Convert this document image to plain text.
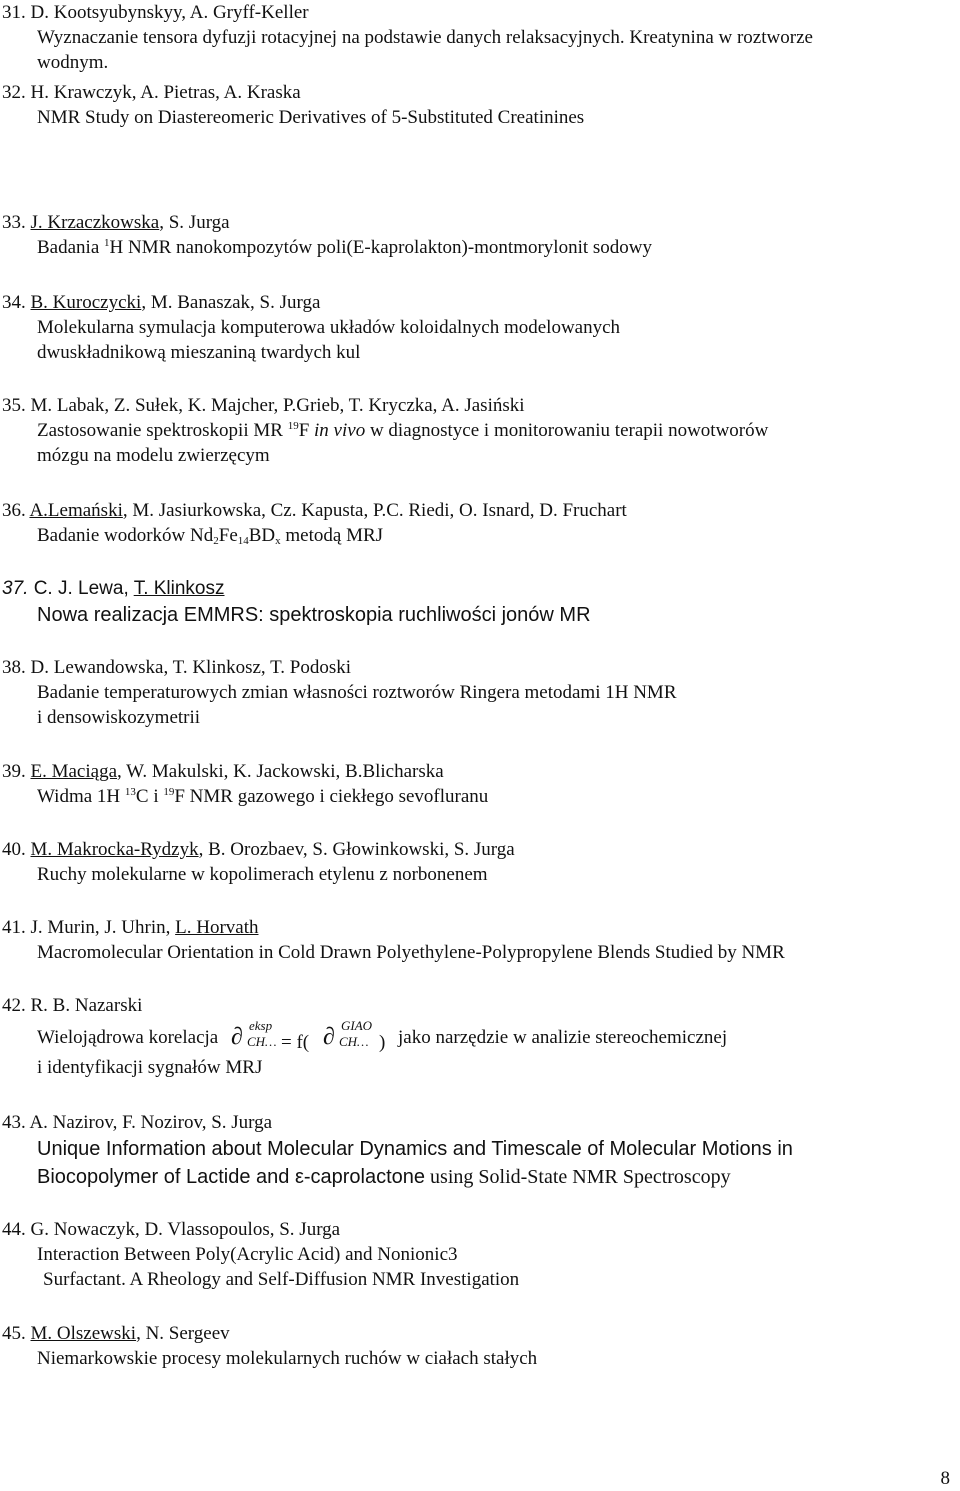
31. D. Kootsyubynskyy, A. Gryff-Keller
Wyznaczanie tensora dyfuzji rotacyjnej na podstawie danych relaksacyjnych. Kreatynina w roztworze
wodnym.
32. H. Krawczyk, A. Pietras, A. Kraska
NMR Study on Diastereomeric Derivatives of 5-Substituted Creatinines
33. J. Krzaczkowska, S. Jurga
Badania $^1$H NMR nanokompozytów poli(E-kaprolakton)-montmorylonit sodowy
34. B. Kuroczycki, M. Banaszak, S. Jurga
Molekularna symulacja komputerowa układów koloidalnych modelowanych
dwuskładnikową mieszaniną twardych kul
35. M. Labak, Z. Sułek, K. Majcher, P.Grieb, T. Kryczka, A. Jasiński
Zastosowanie spektroskopii MR $^{19}$F in vivo w diagnostyce i monitorowaniu terapii nowotworów
mózgu na modelu zwierzęcym
36. A.Lemański, M. Jasiurkowska, Cz. Kapusta, P.C. Riedi, O. Isnard, D. Fruchart
Badanie wodorków $Nd_2Fe_{14}BD_x$ metodą MRJ
37. C. J. Lewa, T. Klinkosz
Nowa realizacja EMMRS: spektroskopia ruchliwości jonów MR
38. D. Lewandowska, T. Klinkosz, T. Podoski
Badanie temperaturowych zmian własności roztworów Ringera metodami 1H NMR
i densowiskozymetrii
39. E. Maciąga, W. Makulski, K. Jackowski, B.Blicharska
Widma 1H $^{13}$C i $^{19}$F NMR gazowego i ciekłego sevofluranu
40. M. Makrocka-Rydzyk, B. Orozbaev, S. Głowinkowski, S. Jurga
Ruchy molekularne w kopolimerach etylenu z norbonenem
41. J. Murin, J. Uhrin, L. Horvath
Macromolecular Orientation in Cold Drawn Polyethylene-Polypropylene Blends Studied by NMR
42. R. B. Nazarski
Wielojądrowa korelacja ∂ eksp
CH… = f( ∂ GIAO
CH… ) jako narzędzie w analizie stereochemicznej
i identyfikacji sygnałów MRJ
43. A. Nazirov, F. Nozirov, S. Jurga
Unique Information about Molecular Dynamics and Timescale of Molecular Motions in
Biocopolymer of Lactide and ε-caprolactone using Solid-State NMR Spectroscopy
44. G. Nowaczyk, D. Vlassopoulos, S. Jurga
Interaction Between Poly(Acrylic Acid) and Nonionic3
Surfactant. A Rheology and Self-Diffusion NMR Investigation
45. M. Olszewski, N. Sergeev
Niemarkowskie procesy molekularnych ruchów w ciałach stałych
8
